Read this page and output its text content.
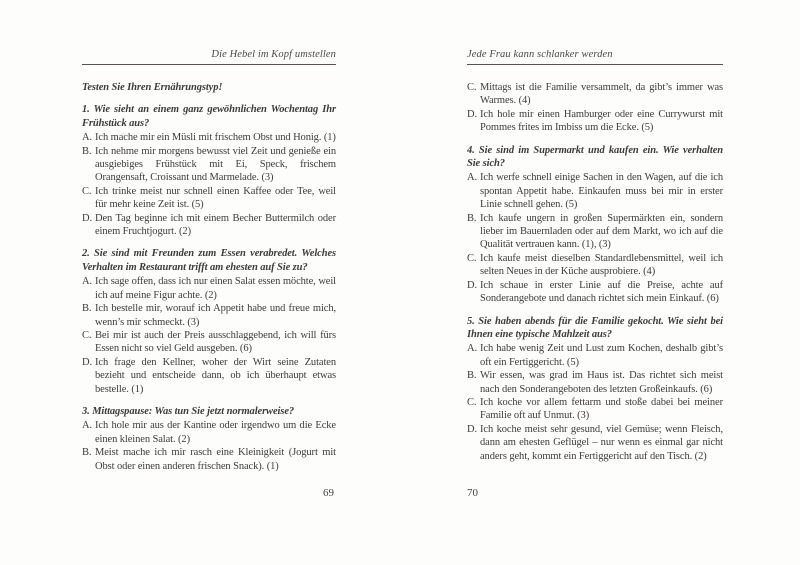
Die Hebel im Kopf umstellen
Testen Sie Ihren Ernährungstyp!
1. Wie sieht an einem ganz gewöhnlichen Wochentag Ihr Frühstück aus?
A. Ich mache mir ein Müsli mit frischem Obst und Honig. (1)
B. Ich nehme mir morgens bewusst viel Zeit und genieße ein ausgiebiges Frühstück mit Ei, Speck, frischem Orangensaft, Croissant und Marmelade. (3)
C. Ich trinke meist nur schnell einen Kaffee oder Tee, weil für mehr keine Zeit ist. (5)
D. Den Tag beginne ich mit einem Becher Buttermilch oder einem Fruchtjogurt. (2)
2. Sie sind mit Freunden zum Essen verabredet. Welches Verhalten im Restaurant trifft am ehesten auf Sie zu?
A. Ich sage offen, dass ich nur einen Salat essen möchte, weil ich auf meine Figur achte. (2)
B. Ich bestelle mir, worauf ich Appetit habe und freue mich, wenn’s mir schmeckt. (3)
C. Bei mir ist auch der Preis ausschlaggebend, ich will fürs Essen nicht so viel Geld ausgeben. (6)
D. Ich frage den Kellner, woher der Wirt seine Zutaten bezieht und entscheide dann, ob ich überhaupt etwas bestelle. (1)
3. Mittagspause: Was tun Sie jetzt normalerweise?
A. Ich hole mir aus der Kantine oder irgendwo um die Ecke einen kleinen Salat. (2)
B. Meist mache ich mir rasch eine Kleinigkeit (Jogurt mit Obst oder einen anderen frischen Snack). (1)
69
Jede Frau kann schlanker werden
C. Mittags ist die Familie versammelt, da gibt’s immer was Warmes. (4)
D. Ich hole mir einen Hamburger oder eine Currywurst mit Pommes frites im Imbiss um die Ecke. (5)
4. Sie sind im Supermarkt und kaufen ein. Wie verhalten Sie sich?
A. Ich werfe schnell einige Sachen in den Wagen, auf die ich spontan Appetit habe. Einkaufen muss bei mir in erster Linie schnell gehen. (5)
B. Ich kaufe ungern in großen Supermärkten ein, sondern lieber im Bauernladen oder auf dem Markt, wo ich auf die Qualität vertrauen kann. (1), (3)
C. Ich kaufe meist dieselben Standardlebensmittel, weil ich selten Neues in der Küche ausprobiere. (4)
D. Ich schaue in erster Linie auf die Preise, achte auf Sonderangebote und danach richtet sich mein Einkauf. (6)
5. Sie haben abends für die Familie gekocht. Wie sieht bei Ihnen eine typische Mahlzeit aus?
A. Ich habe wenig Zeit und Lust zum Kochen, deshalb gibt’s oft ein Fertiggericht. (5)
B. Wir essen, was grad im Haus ist. Das richtet sich meist nach den Sonderangeboten des letzten Großeinkaufs. (6)
C. Ich koche vor allem fettarm und stoße dabei bei meiner Familie oft auf Unmut. (3)
D. Ich koche meist sehr gesund, viel Gemüse; wenn Fleisch, dann am ehesten Geflügel – nur wenn es einmal gar nicht anders geht, kommt ein Fertiggericht auf den Tisch. (2)
70
